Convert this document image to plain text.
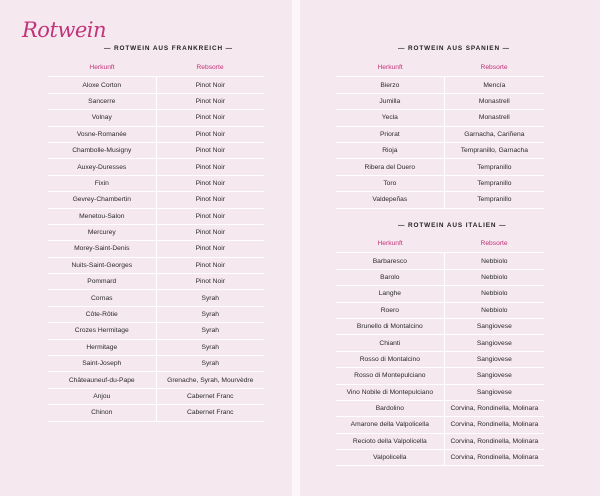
Rotwein
— ROTWEIN AUS FRANKREICH —
Herkunft	Rebsorte
Aloxe Corton	Pinot Noir
Sancerre	Pinot Noir
Volnay	Pinot Noir
Vosne-Romanée	Pinot Noir
Chambolle-Musigny	Pinot Noir
Auxey-Duresses	Pinot Noir
Fixin	Pinot Noir
Gevrey-Chambertin	Pinot Noir
Menetou-Salon	Pinot Noir
Mercurey	Pinot Noir
Morey-Saint-Denis	Pinot Noir
Nuits-Saint-Georges	Pinot Noir
Pommard	Pinot Noir
Cornas	Syrah
Côte-Rôtie	Syrah
Crozes Hermitage	Syrah
Hermitage	Syrah
Saint-Joseph	Syrah
Châteauneuf-du-Pape	Grenache, Syrah, Mourvèdre
Anjou	Cabernet Franc
Chinon	Cabernet Franc
— ROTWEIN AUS SPANIEN —
Herkunft	Rebsorte
Bierzo	Mencía
Jumilla	Monastrell
Yecla	Monastrell
Priorat	Garnacha, Cariñena
Rioja	Tempranillo, Garnacha
Ribera del Duero	Tempranillo
Toro	Tempranillo
Valdepeñas	Tempranillo
— ROTWEIN AUS ITALIEN —
Herkunft	Rebsorte
Barbaresco	Nebbiolo
Barolo	Nebbiolo
Langhe	Nebbiolo
Roero	Nebbiolo
Brunello di Montalcino	Sangiovese
Chianti	Sangiovese
Rosso di Montalcino	Sangiovese
Rosso di Montepulciano	Sangiovese
Vino Nobile di Montepulciano	Sangiovese
Bardolino	Corvina, Rondinella, Molinara
Amarone della Valpolicella	Corvina, Rondinella, Molinara
Recioto della Valpolicella	Corvina, Rondinella, Molinara
Valpolicella	Corvina, Rondinella, Molinara
